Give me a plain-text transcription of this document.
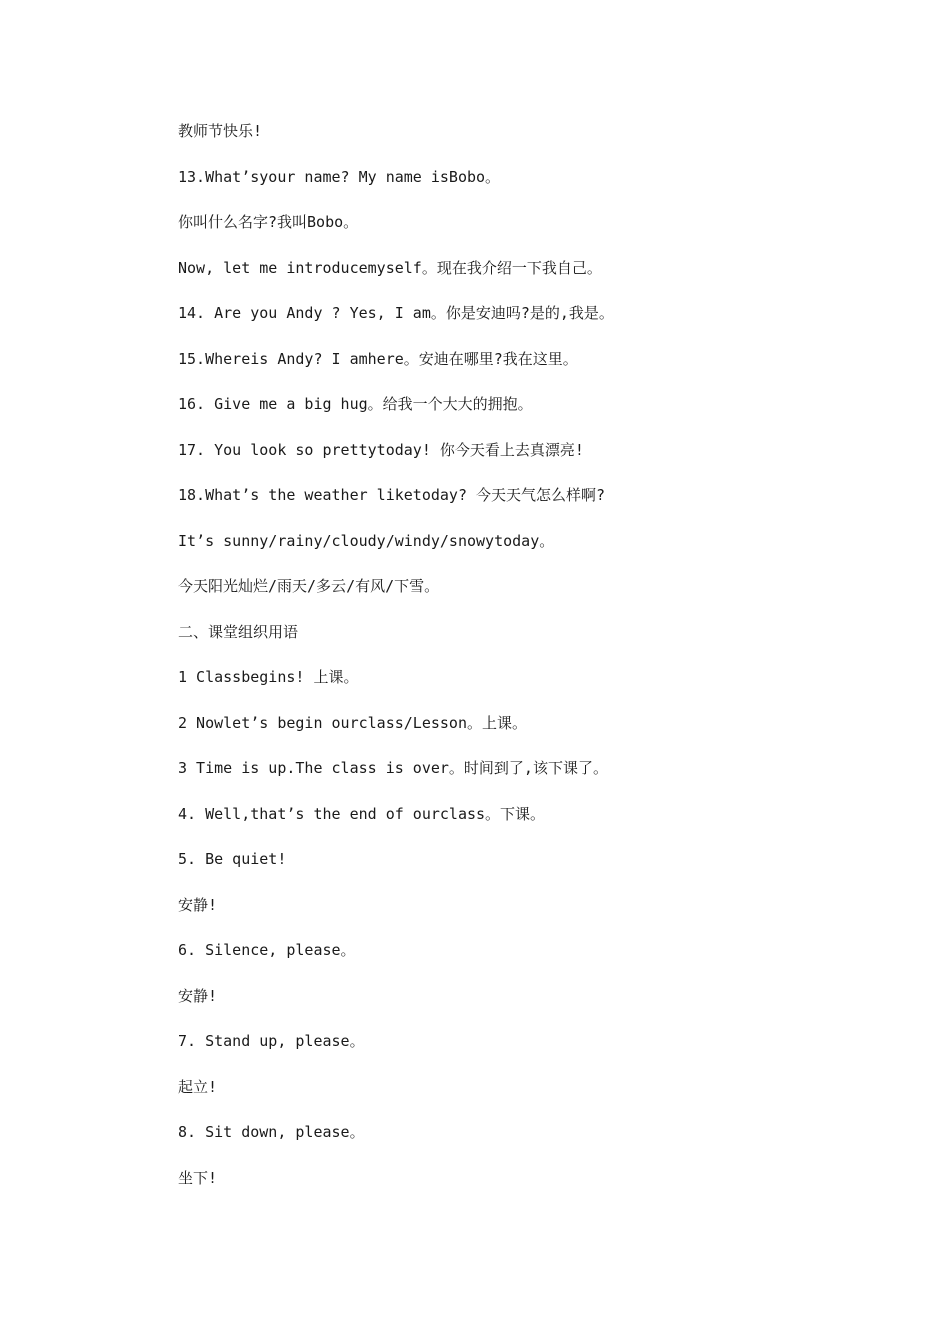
教师节快乐!
13.What’syour name? My name isBobo。
你叫什么名字?我叫Bobo。
Now, let me introducemyself。现在我介绍一下我自己。
14. Are you Andy ? Yes, I am。你是安迪吗?是的,我是。
15.Whereis Andy? I amhere。安迪在哪里?我在这里。
16. Give me a big hug。给我一个大大的拥抱。
17. You look so prettytoday! 你今天看上去真漂亮!
18.What’s the weather liketoday? 今天天气怎么样啊?
It’s sunny/rainy/cloudy/windy/snowytoday。
今天阳光灿烂/雨天/多云/有风/下雪。
二、课堂组织用语
1 Classbegins! 上课。
2 Nowlet’s begin ourclass/Lesson。上课。
3 Time is up.The class is over。时间到了,该下课了。
4. Well,that’s the end of ourclass。下课。
5. Be quiet!
安静!
6. Silence, please。
安静!
7. Stand up, please。
起立!
8. Sit down, please。
坐下!
